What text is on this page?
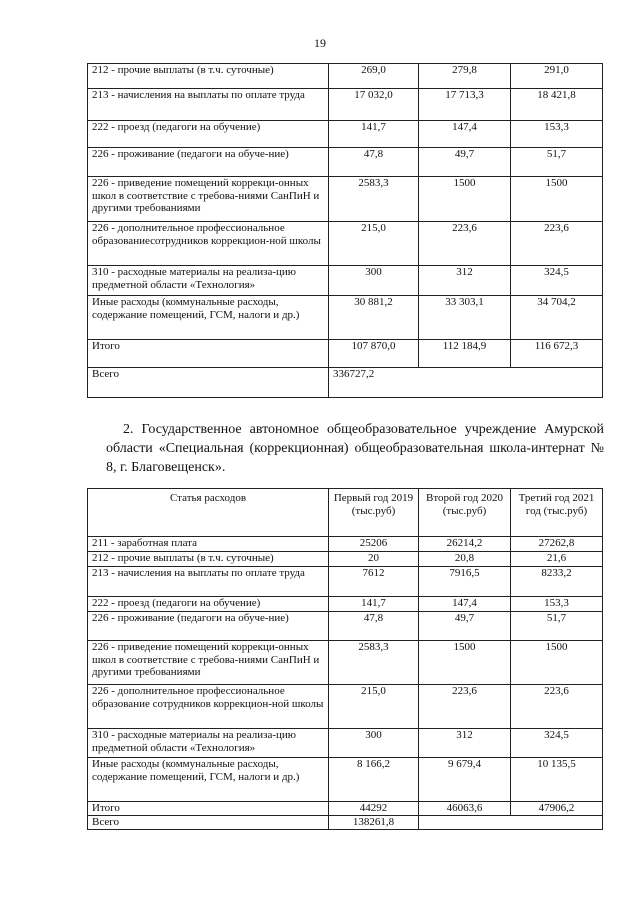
19
212 - прочие выплаты (в т.ч. суточные)	269,0	279,8	291,0
213 - начисления на выплаты по оплате труда	17 032,0	17 713,3	18 421,8
222 - проезд (педагоги на обучение)	141,7	147,4	153,3
226 - проживание (педагоги на обуче-ние)	47,8	49,7	51,7
226 - приведение помещений коррекци-онных школ в соответствие с требова-ниями СанПиН и другими требованиями	2583,3	1500	1500
226 - дополнительное профессиональное образованиесотрудников коррекцион-ной школы	215,0	223,6	223,6
310 - расходные материалы на реализа-цию предметной области «Технология»	300	312	324,5
Иные расходы (коммунальные расходы, содержание помещений, ГСМ, налоги и др.)	30 881,2	33 303,1	34 704,2
Итого	107 870,0	112 184,9	116 672,3
Всего	336727,2		
2. Государственное автономное общеобразовательное учреждение Амурской области «Специальная (коррекционная) общеобразовательная школа-интернат № 8, г. Благовещенск».
Статья расходов	Первый год 2019 (тыс.руб)	Второй год 2020 (тыс.руб)	Третий год 2021 год (тыс.руб)
211 - заработная плата	25206	26214,2	27262,8
212 - прочие выплаты (в т.ч. суточные)	20	20,8	21,6
213 - начисления на выплаты по оплате труда	7612	7916,5	8233,2
222 - проезд (педагоги на обучение)	141,7	147,4	153,3
226 - проживание (педагоги на обуче-ние)	47,8	49,7	51,7
226 - приведение помещений коррекци-онных школ в соответствие с требова-ниями СанПиН и другими требованиями	2583,3	1500	1500
226 - дополнительное профессиональное образование сотрудников коррекцион-ной школы	215,0	223,6	223,6
310 - расходные материалы на реализа-цию предметной области «Технология»	300	312	324,5
Иные расходы (коммунальные расходы, содержание помещений, ГСМ, налоги и др.)	8 166,2	9 679,4	10 135,5
Итого	44292	46063,6	47906,2
Всего	138261,8		
